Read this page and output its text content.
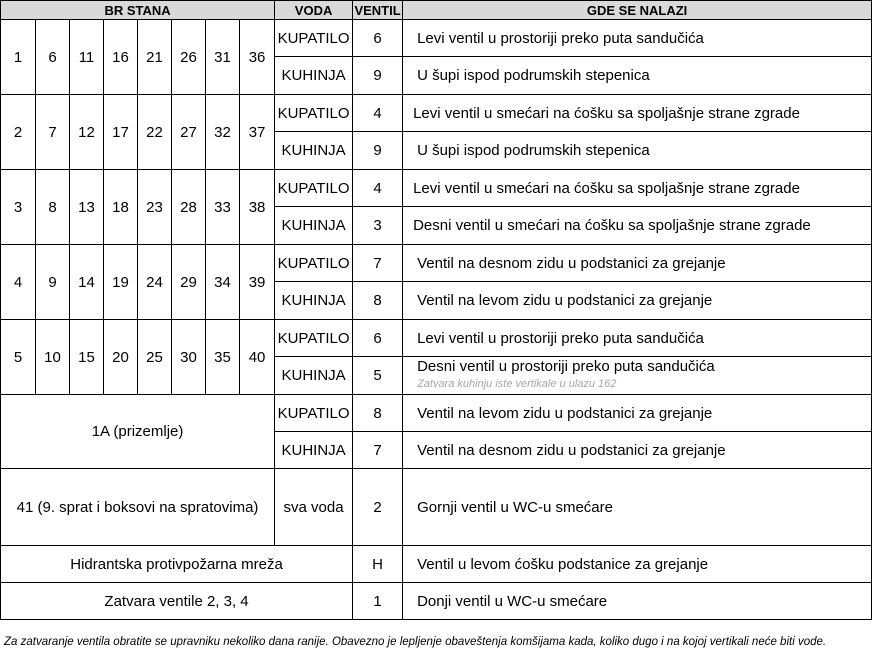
BR STANA								VODA	VENTIL	GDE SE NALAZI
1	6	11	16	21	26	31	36	KUPATILO	6	Levi ventil u prostoriji preko puta sandučića
								KUHINJA	9	U šupi ispod podrumskih stepenica
2	7	12	17	22	27	32	37	KUPATILO	4	Levi ventil u smećari na ćošku sa spoljašnje strane zgrade
								KUHINJA	9	U šupi ispod podrumskih stepenica
3	8	13	18	23	28	33	38	KUPATILO	4	Levi ventil u smećari na ćošku sa spoljašnje strane zgrade
								KUHINJA	3	Desni ventil u smećari na ćošku sa spoljašnje strane zgrade
4	9	14	19	24	29	34	39	KUPATILO	7	Ventil na desnom zidu u podstanici za grejanje
								KUHINJA	8	Ventil na levom zidu u podstanici za grejanje
5	10	15	20	25	30	35	40	KUPATILO	6	Levi ventil u prostoriji preko puta sandučića
								KUHINJA	5	Desni ventil u prostoriji preko puta sandučića
Zatvara kuhinju iste vertikale u ulazu 162

1A (prizemlje)								KUPATILO	8	Ventil na levom zidu u podstanici za grejanje
								KUHINJA	7	Ventil na desnom zidu u podstanici za grejanje
41 (9. sprat i boksovi na spratovima)								sva voda	2	Gornji ventil u WC-u smećare
Hidrantska protivpožarna mreža									H	Ventil u levom ćošku podstanice za grejanje
Zatvara ventile 2, 3, 4									1	Donji ventil u WC-u smećare
Za zatvaranje ventila obratite se upravniku nekoliko dana ranije. Obavezno je lepljenje obaveštenja komšijama kada, koliko dugo i na kojoj vertikali neće biti vode.
